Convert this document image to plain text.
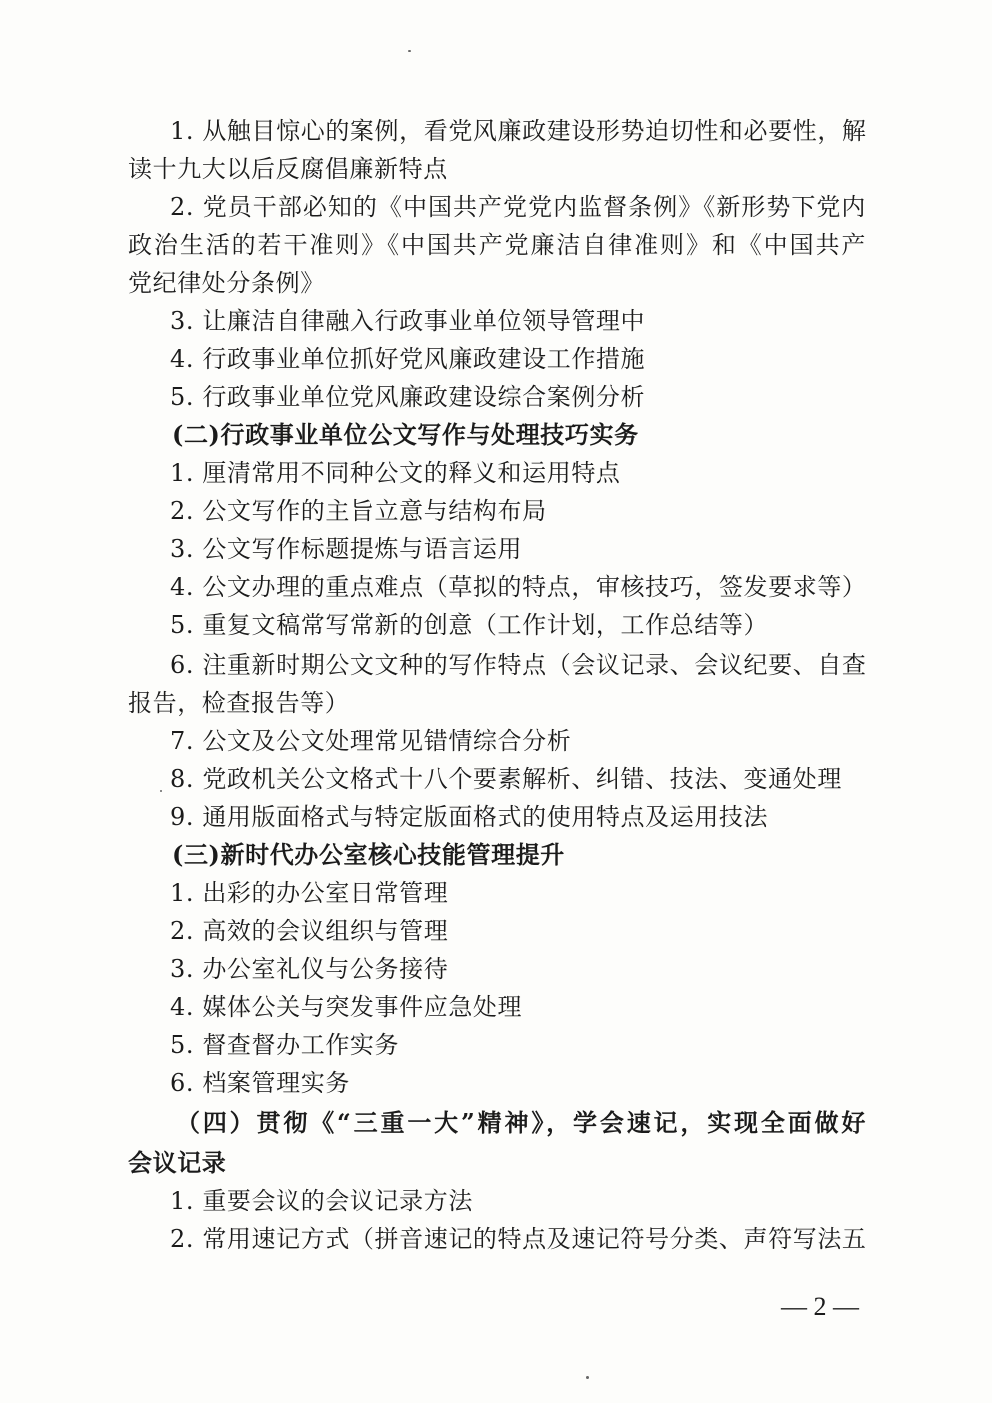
1. 从触目惊心的案例，看党风廉政建设形势迫切性和必要性，解
读十九大以后反腐倡廉新特点
2. 党员干部必知的《中国共产党党内监督条例》《新形势下党内
政治生活的若干准则》《中国共产党廉洁自律准则》和《中国共产
党纪律处分条例》
3. 让廉洁自律融入行政事业单位领导管理中
4. 行政事业单位抓好党风廉政建设工作措施
5. 行政事业单位党风廉政建设综合案例分析
(二)行政事业单位公文写作与处理技巧实务
1. 厘清常用不同种公文的释义和运用特点
2. 公文写作的主旨立意与结构布局
3. 公文写作标题提炼与语言运用
4. 公文办理的重点难点（草拟的特点，审核技巧，签发要求等）
5. 重复文稿常写常新的创意（工作计划，工作总结等）
6. 注重新时期公文文种的写作特点（会议记录、会议纪要、自查
报告，检查报告等）
7. 公文及公文处理常见错情综合分析
8. 党政机关公文格式十八个要素解析、纠错、技法、变通处理
9. 通用版面格式与特定版面格式的使用特点及运用技法
(三)新时代办公室核心技能管理提升
1. 出彩的办公室日常管理
2. 高效的会议组织与管理
3. 办公室礼仪与公务接待
4. 媒体公关与突发事件应急处理
5. 督查督办工作实务
6. 档案管理实务
（四）贯彻《“三重一大”精神》，学会速记，实现全面做好
会议记录
1. 重要会议的会议记录方法
2. 常用速记方式（拼音速记的特点及速记符号分类、声符写法五
— 2 —
